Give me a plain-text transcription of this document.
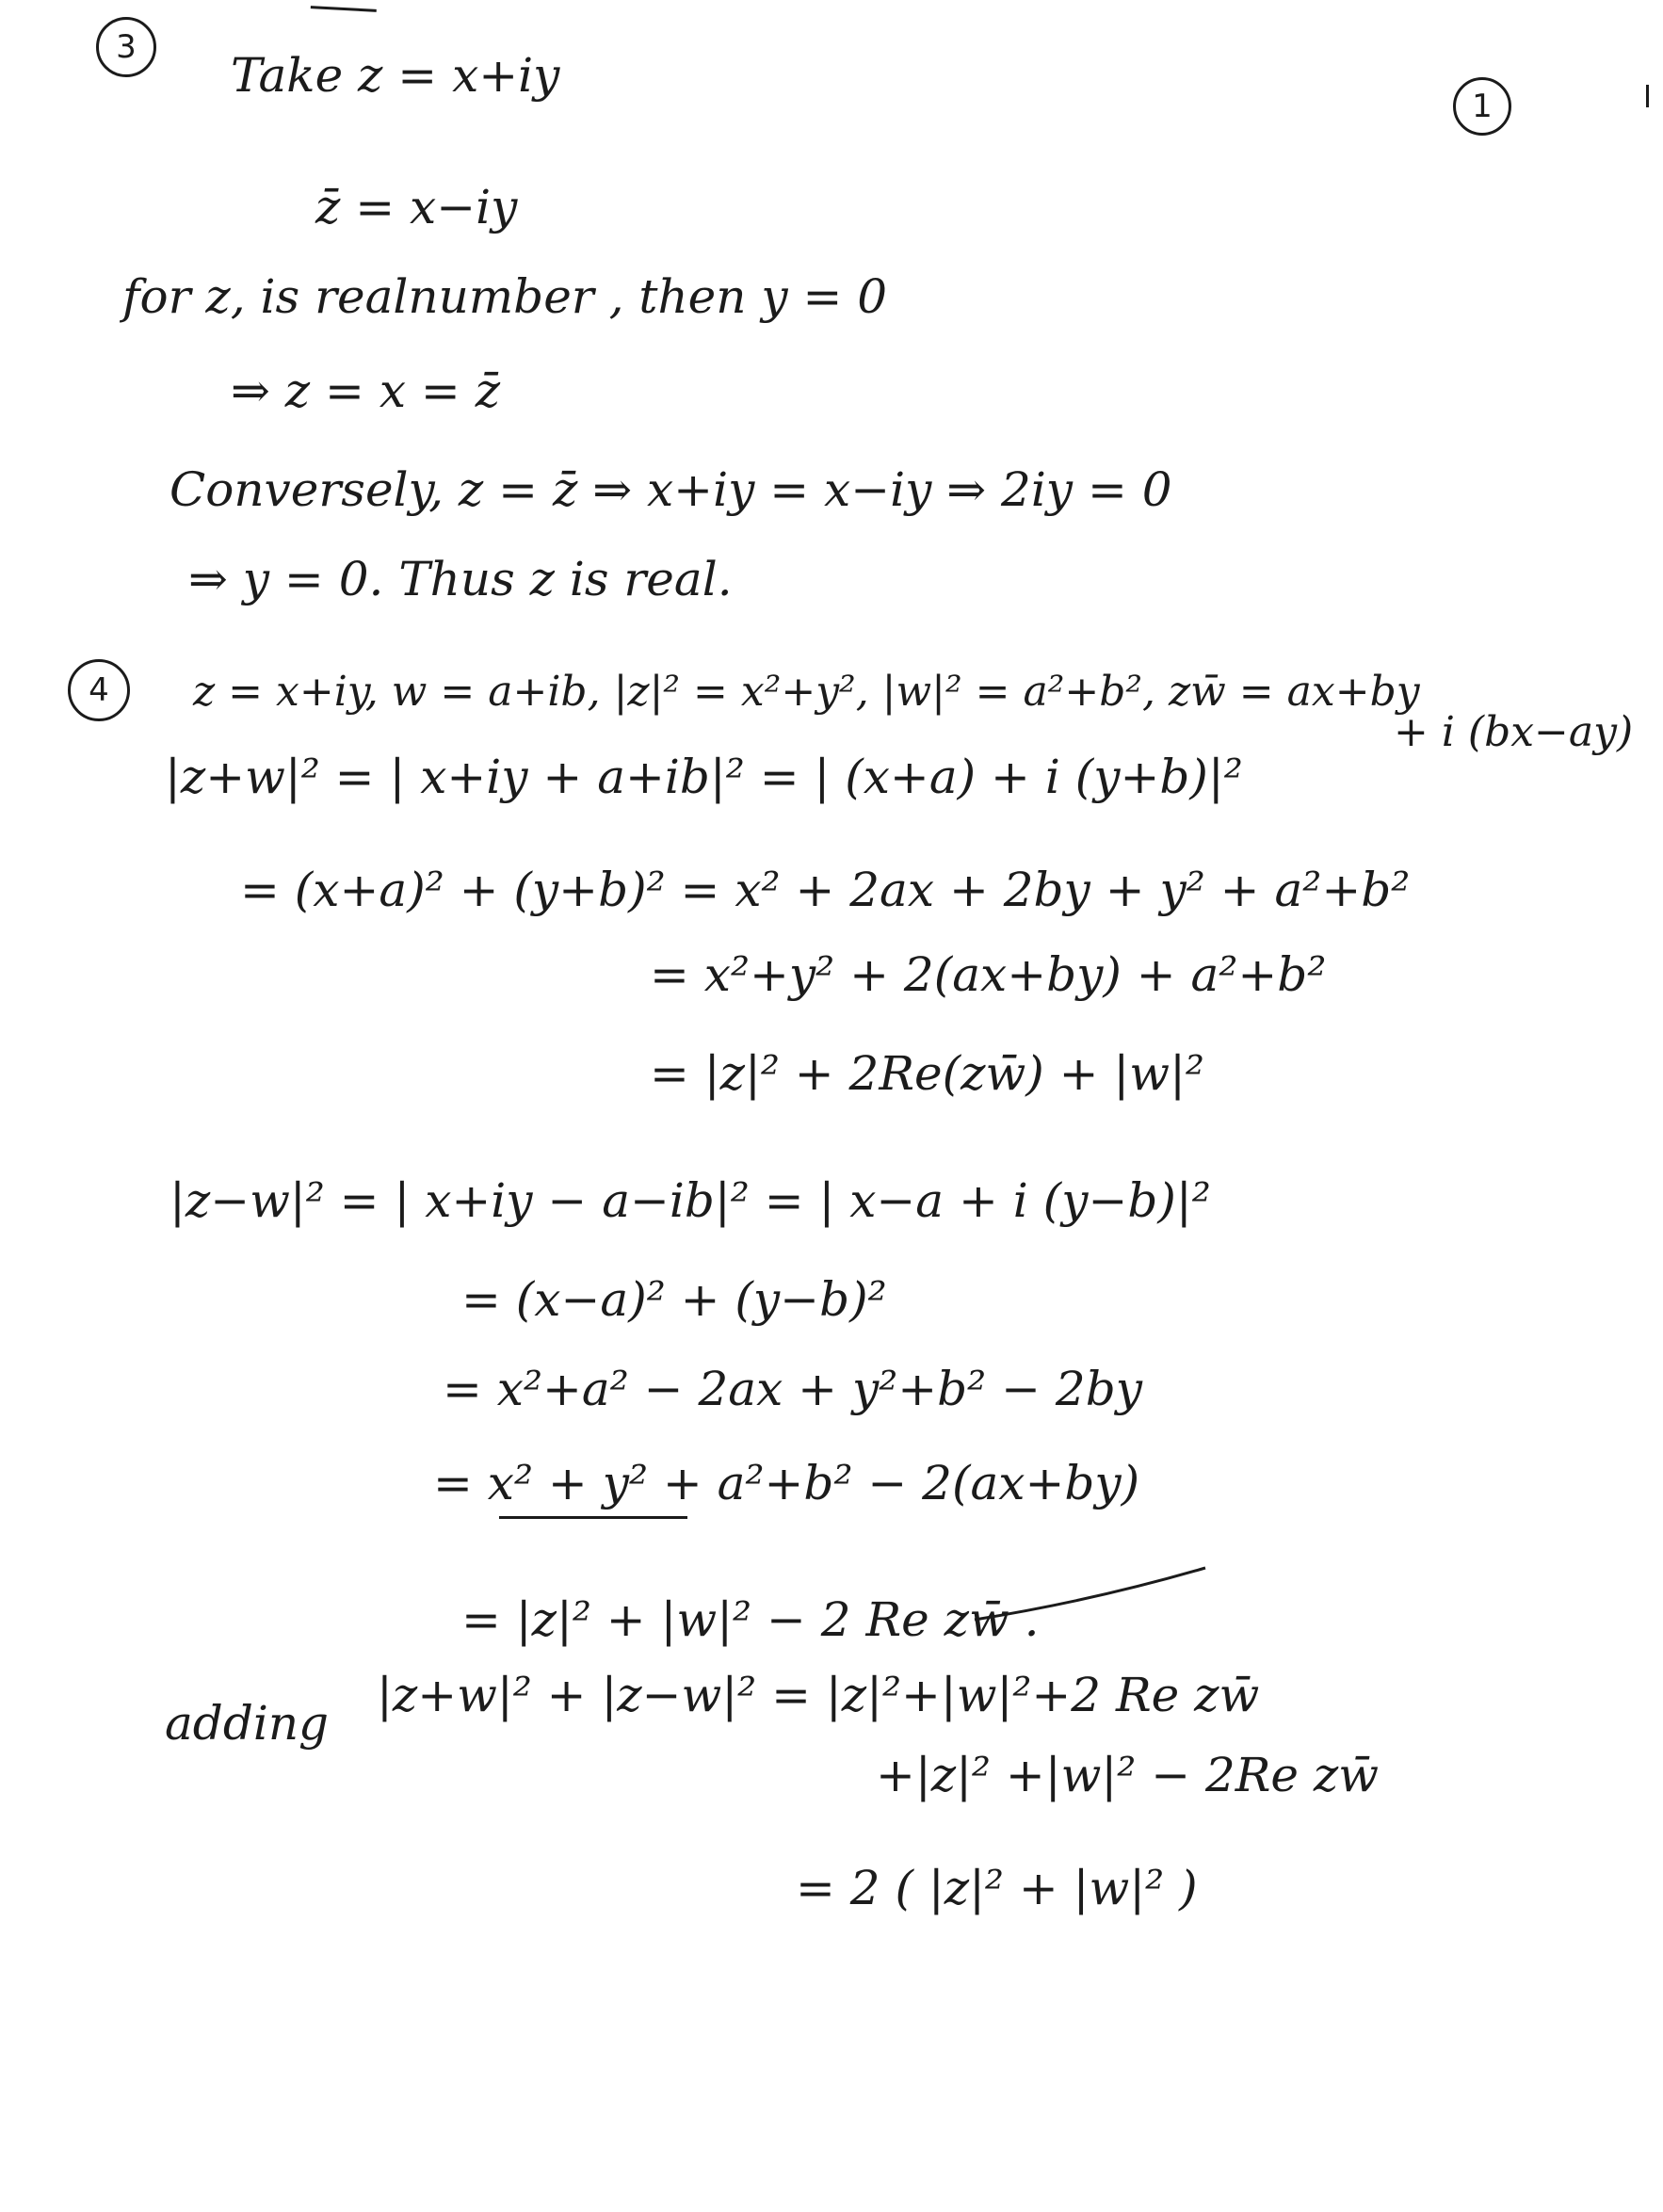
1
3
Take z = x+iy
z̄ = x−iy
for z, is realnumber , then y = 0
⇒ z = x = z̄
Conversely, z = z̄ ⇒ x+iy = x−iy ⇒ 2iy = 0
⇒ y = 0. Thus z is real.
4 z = x+iy, w = a+ib, |z|² = x²+y², |w|² = a²+b², zw̄ = ax+by
+ i (bx−ay)
|z+w|² = | x+iy + a+ib|² = | (x+a) + i (y+b)|²
= (x+a)² + (y+b)² = x² + 2ax + 2by + y² + a²+b²
= x²+y² + 2(ax+by) + a²+b²
= |z|² + 2Re(zw̄) + |w|²
|z−w|² = | x+iy − a−ib|² = | x−a + i (y−b)|²
= (x−a)² + (y−b)²
= x²+a² − 2ax + y²+b² − 2by
= x² + y² + a²+b² − 2(ax+by)
= |z|² + |w|² − 2 Re zw̄ .
adding
|z+w|² + |z−w|² = |z|²+|w|²+2 Re zw̄
+|z|² +|w|² − 2Re zw̄
= 2 ( |z|² + |w|² )
